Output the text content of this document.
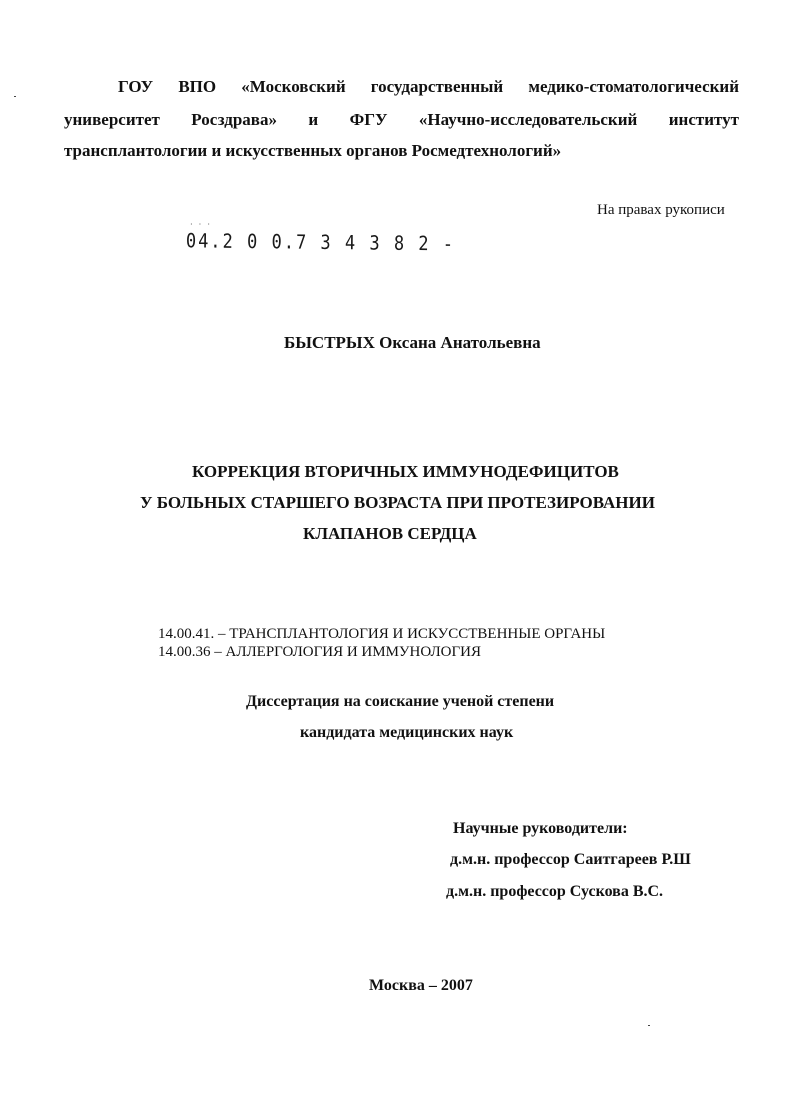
ГОУ ВПО «Московский государственный медико-стоматологический
университет Росздрава» и ФГУ «Научно-исследовательский институт
трансплантологии и искусственных органов Росмедтехнологий»
На правах рукописи
· · ·
04.2 0 0.7 3 4 3 8 2 -
БЫСТРЫХ Оксана Анатольевна
КОРРЕКЦИЯ ВТОРИЧНЫХ ИММУНОДЕФИЦИТОВ
У БОЛЬНЫХ СТАРШЕГО ВОЗРАСТА ПРИ ПРОТЕЗИРОВАНИИ
КЛАПАНОВ СЕРДЦА
14.00.41. – ТРАНСПЛАНТОЛОГИЯ И ИСКУССТВЕННЫЕ ОРГАНЫ
14.00.36 – АЛЛЕРГОЛОГИЯ И ИММУНОЛОГИЯ
Диссертация на соискание ученой степени
кандидата медицинских наук
Научные руководители:
д.м.н. профессор Саитгареев Р.Ш
д.м.н. профессор Сускова В.С.
Москва – 2007
